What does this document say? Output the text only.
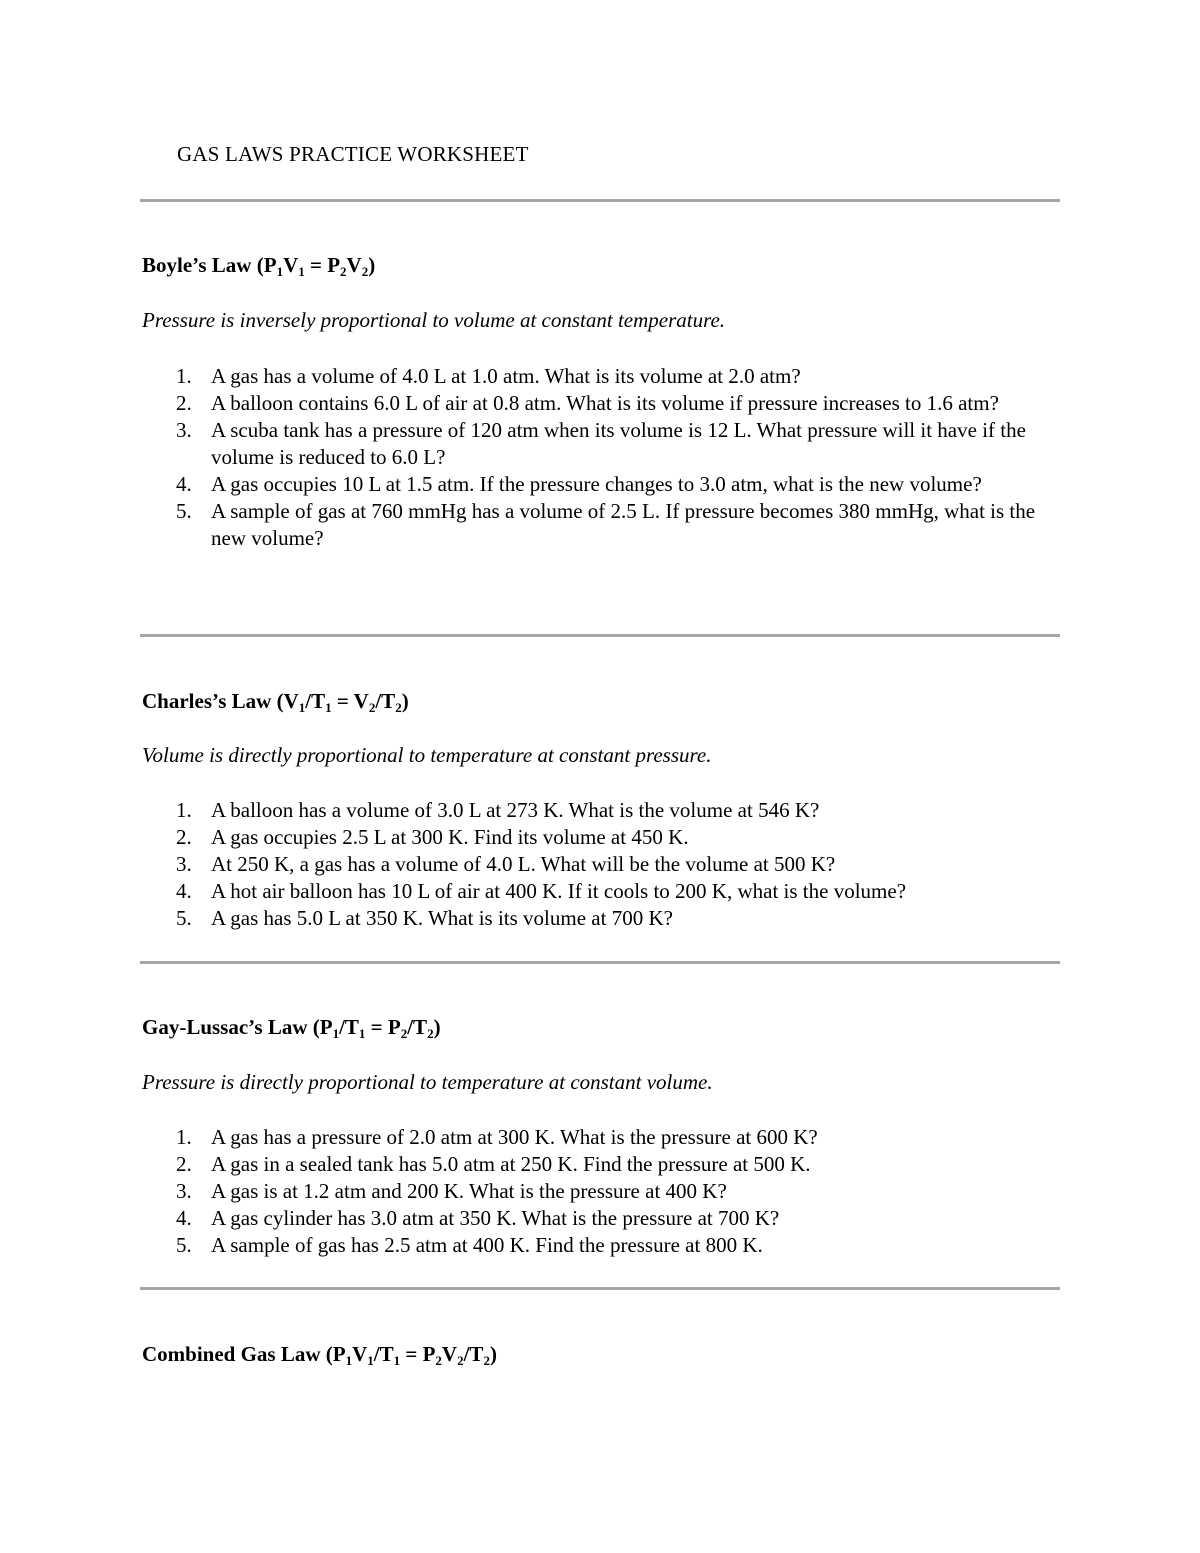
GAS LAWS PRACTICE WORKSHEET
Boyle’s Law $(P_1V_1 = P_2V_2)$
Pressure is inversely proportional to volume at constant temperature.
1. A gas has a volume of 4.0 L at 1.0 atm. What is its volume at 2.0 atm?
2. A balloon contains 6.0 L of air at 0.8 atm. What is its volume if pressure increases to 1.6 atm?
3. A scuba tank has a pressure of 120 atm when its volume is 12 L. What pressure will it have if the volume is reduced to 6.0 L?
4. A gas occupies 10 L at 1.5 atm. If the pressure changes to 3.0 atm, what is the new volume?
5. A sample of gas at 760 mmHg has a volume of 2.5 L. If pressure becomes 380 mmHg, what is the new volume?
Charles’s Law $(V_1/T_1 = V_2/T_2)$
Volume is directly proportional to temperature at constant pressure.
1. A balloon has a volume of 3.0 L at 273 K. What is the volume at 546 K?
2. A gas occupies 2.5 L at 300 K. Find its volume at 450 K.
3. At 250 K, a gas has a volume of 4.0 L. What will be the volume at 500 K?
4. A hot air balloon has 10 L of air at 400 K. If it cools to 200 K, what is the volume?
5. A gas has 5.0 L at 350 K. What is its volume at 700 K?
Gay-Lussac’s Law $(P_1/T_1 = P_2/T_2)$
Pressure is directly proportional to temperature at constant volume.
1. A gas has a pressure of 2.0 atm at 300 K. What is the pressure at 600 K?
2. A gas in a sealed tank has 5.0 atm at 250 K. Find the pressure at 500 K.
3. A gas is at 1.2 atm and 200 K. What is the pressure at 400 K?
4. A gas cylinder has 3.0 atm at 350 K. What is the pressure at 700 K?
5. A sample of gas has 2.5 atm at 400 K. Find the pressure at 800 K.
Combined Gas Law $(P_1V_1/T_1 = P_2V_2/T_2)$
